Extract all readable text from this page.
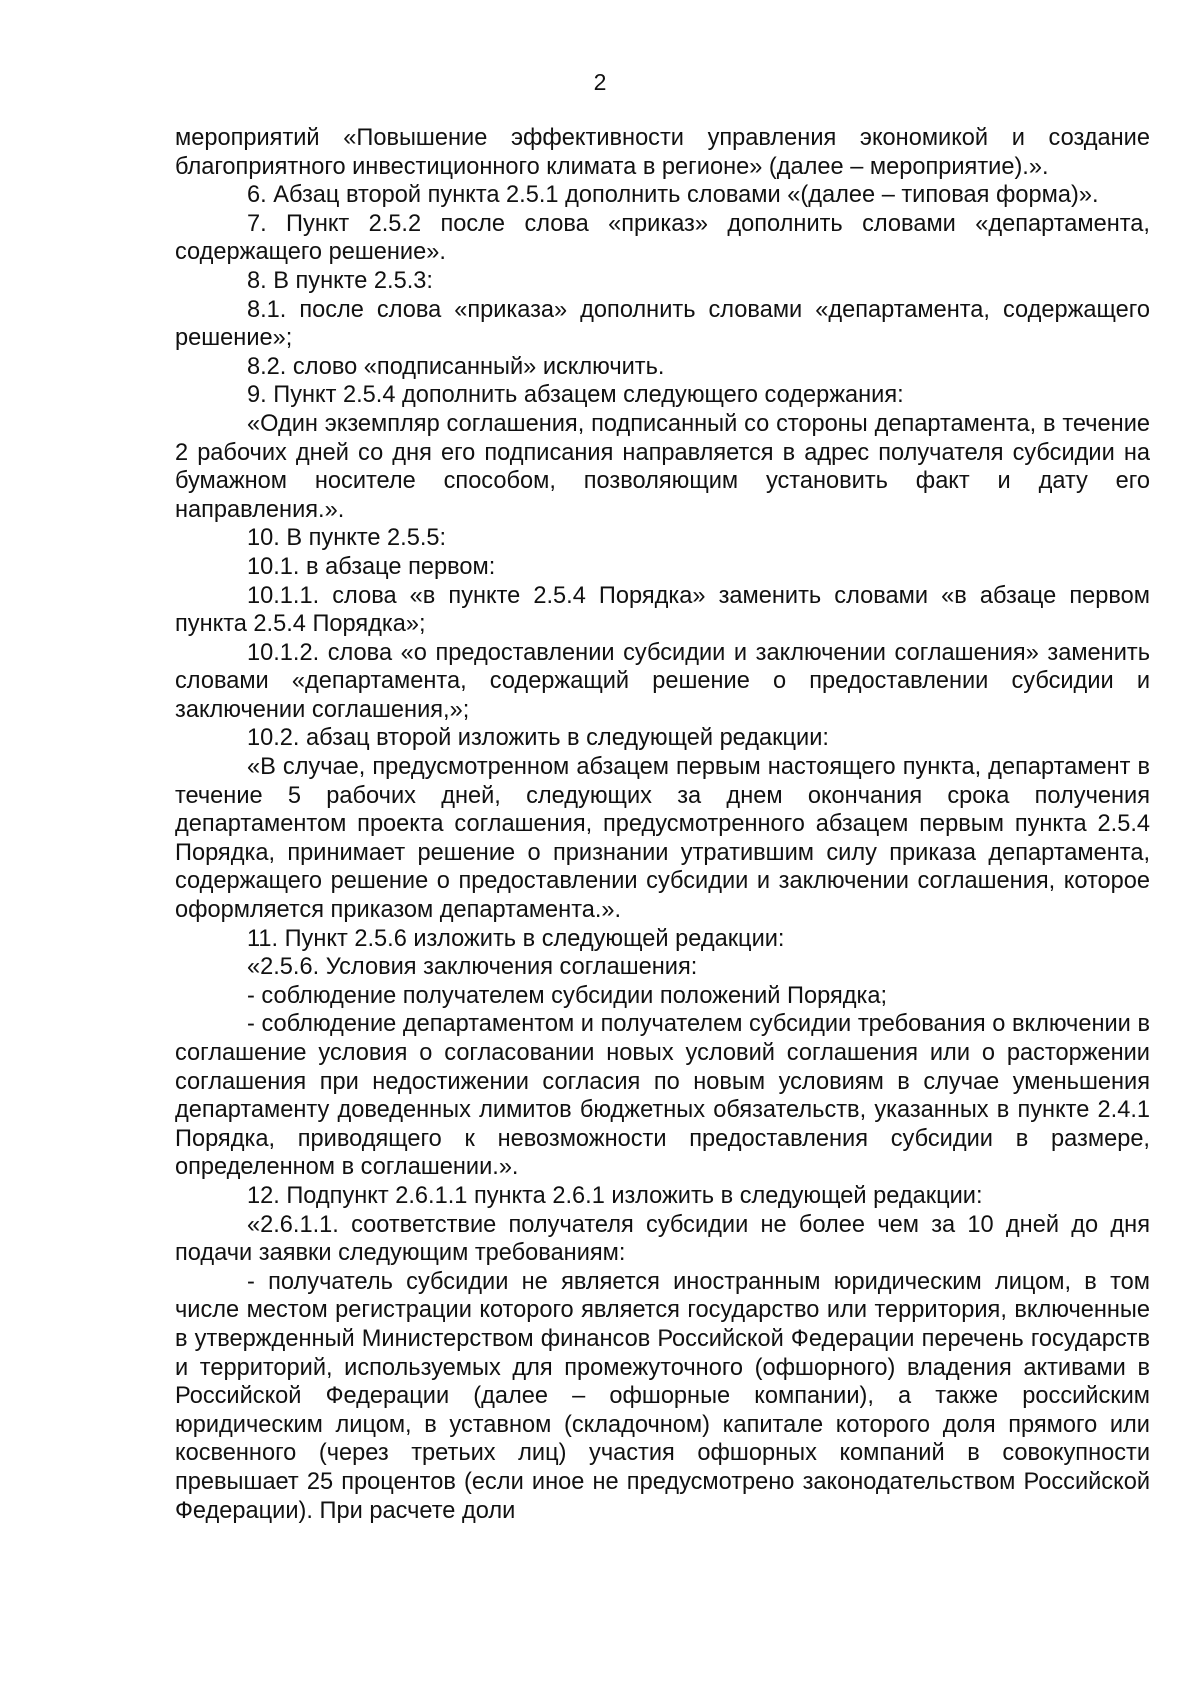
2

мероприятий «Повышение эффективности управления экономикой и создание благоприятного инвестиционного климата в регионе» (далее – мероприятие).».

6. Абзац второй пункта 2.5.1 дополнить словами «(далее – типовая форма)».

7. Пункт 2.5.2 после слова «приказ» дополнить словами «департамента, содержащего решение».

8. В пункте 2.5.3:

8.1. после слова «приказа» дополнить словами «департамента, содержащего решение»;

8.2. слово «подписанный» исключить.

9. Пункт 2.5.4 дополнить абзацем следующего содержания:

«Один экземпляр соглашения, подписанный со стороны департамента, в течение 2 рабочих дней со дня его подписания направляется в адрес получателя субсидии на бумажном носителе способом, позволяющим установить факт и дату его направления.».

10. В пункте 2.5.5:

10.1. в абзаце первом:

10.1.1. слова «в пункте 2.5.4 Порядка» заменить словами «в абзаце первом пункта 2.5.4 Порядка»;

10.1.2. слова «о предоставлении субсидии и заключении соглашения» заменить словами «департамента, содержащий решение о предоставлении субсидии и заключении соглашения,»;

10.2. абзац второй изложить в следующей редакции:

«В случае, предусмотренном абзацем первым настоящего пункта, департамент в течение 5 рабочих дней, следующих за днем окончания срока получения департаментом проекта соглашения, предусмотренного абзацем первым пункта 2.5.4 Порядка, принимает решение о признании утратившим силу приказа департамента, содержащего решение о предоставлении субсидии и заключении соглашения, которое оформляется приказом департамента.».

11. Пункт 2.5.6 изложить в следующей редакции:

«2.5.6. Условия заключения соглашения:

- соблюдение получателем субсидии положений Порядка;

- соблюдение департаментом и получателем субсидии требования о включении в соглашение условия о согласовании новых условий соглашения или о расторжении соглашения при недостижении согласия по новым условиям в случае уменьшения департаменту доведенных лимитов бюджетных обязательств, указанных в пункте 2.4.1 Порядка, приводящего к невозможности предоставления субсидии в размере, определенном в соглашении.».

12. Подпункт 2.6.1.1 пункта 2.6.1 изложить в следующей редакции:

«2.6.1.1. соответствие получателя субсидии не более чем за 10 дней до дня подачи заявки следующим требованиям:

- получатель субсидии не является иностранным юридическим лицом, в том числе местом регистрации которого является государство или территория, включенные в утвержденный Министерством финансов Российской Федерации перечень государств и территорий, используемых для промежуточного (офшорного) владения активами в Российской Федерации (далее – офшорные компании), а также российским юридическим лицом, в уставном (складочном) капитале которого доля прямого или косвенного (через третьих лиц) участия офшорных компаний в совокупности превышает 25 процентов (если иное не предусмотрено законодательством Российской Федерации). При расчете доли
